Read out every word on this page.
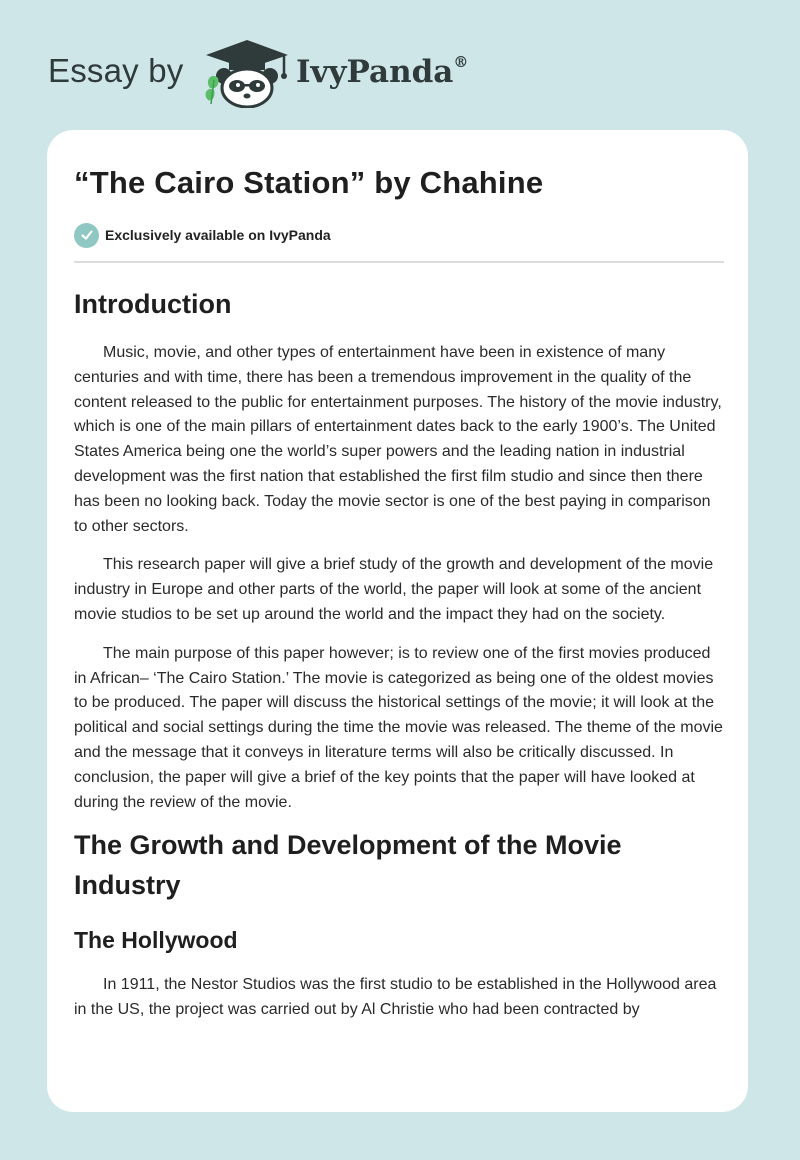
Essay by	IvyPanda®
“The Cairo Station” by Chahine
Exclusively available on IvyPanda
Introduction

Music, movie, and other types of entertainment have been in existence of many centuries and with time, there has been a tremendous improvement in the quality of the content released to the public for entertainment purposes. The history of the movie industry, which is one of the main pillars of entertainment dates back to the early 1900’s. The United States America being one the world’s super powers and the leading nation in industrial development was the first nation that established the first film studio and since then there has been no looking back. Today the movie sector is one of the best paying in comparison to other sectors.

This research paper will give a brief study of the growth and development of the movie industry in Europe and other parts of the world, the paper will look at some of the ancient movie studios to be set up around the world and the impact they had on the society.

The main purpose of this paper however; is to review one of the first movies produced in African– ‘The Cairo Station.’ The movie is categorized as being one of the oldest movies to be produced. The paper will discuss the historical settings of the movie; it will look at the political and social settings during the time the movie was released. The theme of the movie and the message that it conveys in literature terms will also be critically discussed. In conclusion, the paper will give a brief of the key points that the paper will have looked at during the review of the movie.

The Growth and Development of the Movie Industry
The Hollywood

In 1911, the Nestor Studios was the first studio to be established in the Hollywood area in the US, the project was carried out by Al Christie who had been contracted by
